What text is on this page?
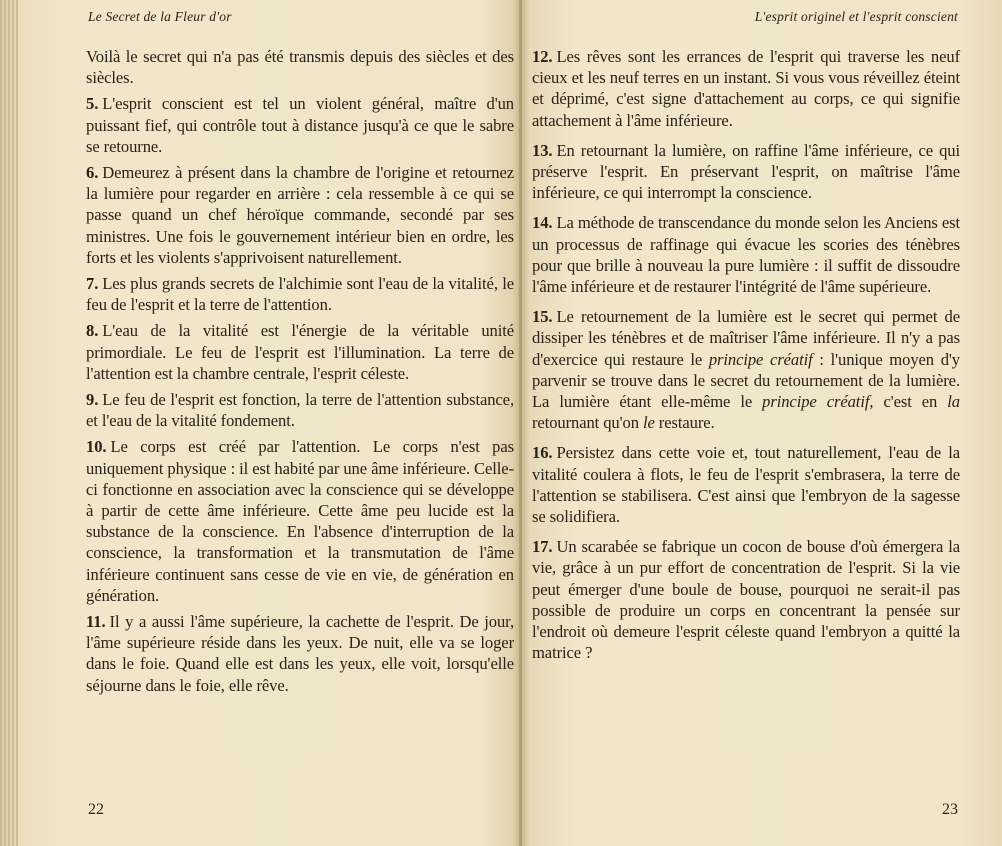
Le Secret de la Fleur d'or

Voilà le secret qui n'a pas été transmis depuis des siècles et des siècles.

5. L'esprit conscient est tel un violent général, maître d'un puissant fief, qui contrôle tout à distance jusqu'à ce que le sabre se retourne.

6. Demeurez à présent dans la chambre de l'origine et retournez la lumière pour regarder en arrière : cela ressemble à ce qui se passe quand un chef héroïque commande, secondé par ses ministres. Une fois le gouvernement intérieur bien en ordre, les forts et les violents s'apprivoisent naturellement.

7. Les plus grands secrets de l'alchimie sont l'eau de la vitalité, le feu de l'esprit et la terre de l'attention.

8. L'eau de la vitalité est l'énergie de la véritable unité primordiale. Le feu de l'esprit est l'illumination. La terre de l'attention est la chambre centrale, l'esprit céleste.

9. Le feu de l'esprit est fonction, la terre de l'attention substance, et l'eau de la vitalité fondement.

10. Le corps est créé par l'attention. Le corps n'est pas uniquement physique : il est habité par une âme inférieure. Celle-ci fonctionne en association avec la conscience qui se développe à partir de cette âme inférieure. Cette âme peu lucide est la substance de la conscience. En l'absence d'interruption de la conscience, la transformation et la transmutation de l'âme inférieure continuent sans cesse de vie en vie, de génération en génération.

11. Il y a aussi l'âme supérieure, la cachette de l'esprit. De jour, l'âme supérieure réside dans les yeux. De nuit, elle va se loger dans le foie. Quand elle est dans les yeux, elle voit, lorsqu'elle séjourne dans le foie, elle rêve.

22
L'esprit originel et l'esprit conscient

12. Les rêves sont les errances de l'esprit qui traverse les neuf cieux et les neuf terres en un instant. Si vous vous réveillez éteint et déprimé, c'est signe d'attachement au corps, ce qui signifie attachement à l'âme inférieure.

13. En retournant la lumière, on raffine l'âme inférieure, ce qui préserve l'esprit. En préservant l'esprit, on maîtrise l'âme inférieure, ce qui interrompt la conscience.

14. La méthode de transcendance du monde selon les Anciens est un processus de raffinage qui évacue les scories des ténèbres pour que brille à nouveau la pure lumière : il suffit de dissoudre l'âme inférieure et de restaurer l'intégrité de l'âme supérieure.

15. Le retournement de la lumière est le secret qui permet de dissiper les ténèbres et de maîtriser l'âme inférieure. Il n'y a pas d'exercice qui restaure le principe créatif : l'unique moyen d'y parvenir se trouve dans le secret du retournement de la lumière. La lumière étant elle-même le principe créatif, c'est en la retournant qu'on le restaure.

16. Persistez dans cette voie et, tout naturellement, l'eau de la vitalité coulera à flots, le feu de l'esprit s'embrasera, la terre de l'attention se stabilisera. C'est ainsi que l'embryon de la sagesse se solidifiera.

17. Un scarabée se fabrique un cocon de bouse d'où émergera la vie, grâce à un pur effort de concentration de l'esprit. Si la vie peut émerger d'une boule de bouse, pourquoi ne serait-il pas possible de produire un corps en concentrant la pensée sur l'endroit où demeure l'esprit céleste quand l'embryon a quitté la matrice ?

23
